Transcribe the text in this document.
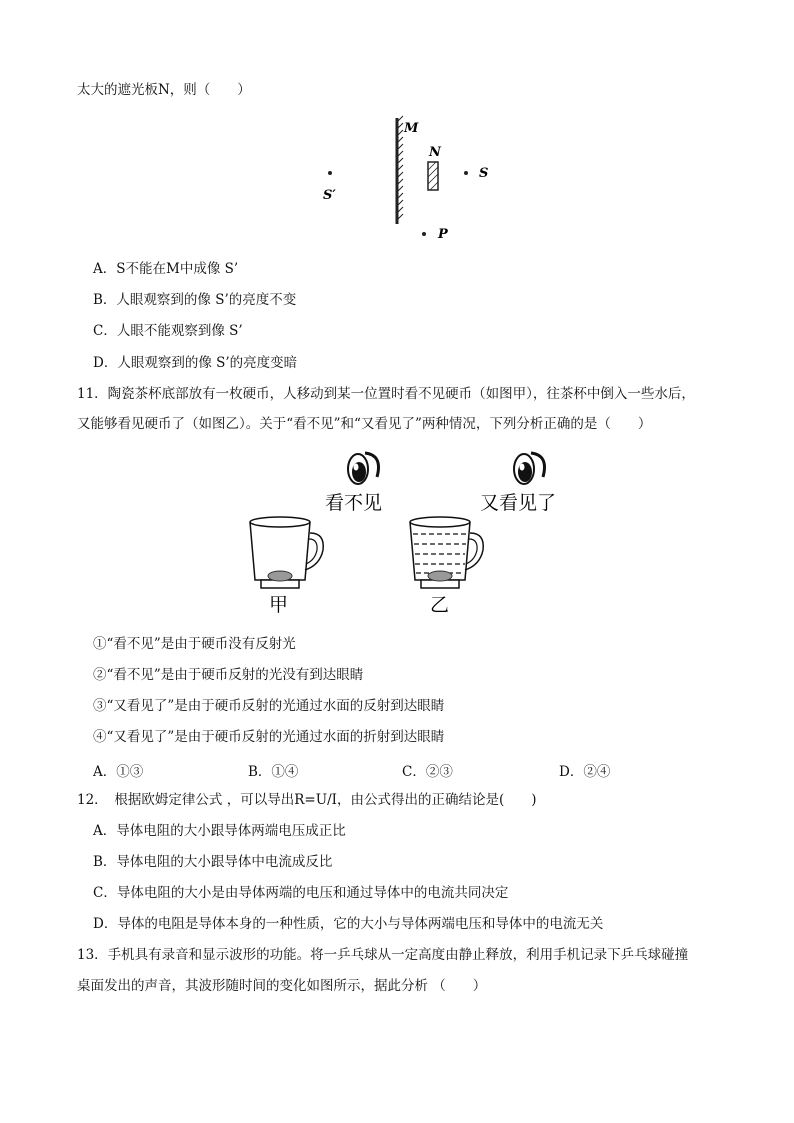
太大的遮光板N，则（　　）
M
N
S
S′
P
A．S不能在M中成像 S’
B．人眼观察到的像 S’的亮度不变
C．人眼不能观察到像 S’
D．人眼观察到的像 S’的亮度变暗
11．陶瓷茶杯底部放有一枚硬币，人移动到某一位置时看不见硬币（如图甲），往茶杯中倒入一些水后，
又能够看见硬币了（如图乙）。关于“看不见”和“又看见了”两种情况，下列分析正确的是（　　）
看不见	又看见了
甲	乙
①“看不见”是由于硬币没有反射光
②“看不见”是由于硬币反射的光没有到达眼睛
③“又看见了”是由于硬币反射的光通过水面的反射到达眼睛
④“又看见了”是由于硬币反射的光通过水面的折射到达眼睛
A．①③	B．①④	C．②③	D．②④
12．　根据欧姆定律公式 ，可以导出R=U/I，由公式得出的正确结论是(　　)
A．导体电阻的大小跟导体两端电压成正比
B．导体电阻的大小跟导体中电流成反比
C．导体电阻的大小是由导体两端的电压和通过导体中的电流共同决定
D．导体的电阻是导体本身的一种性质，它的大小与导体两端电压和导体中的电流无关
13．手机具有录音和显示波形的功能。将一乒乓球从一定高度由静止释放，利用手机记录下乒乓球碰撞
桌面发出的声音，其波形随时间的变化如图所示，据此分析 （　　）
